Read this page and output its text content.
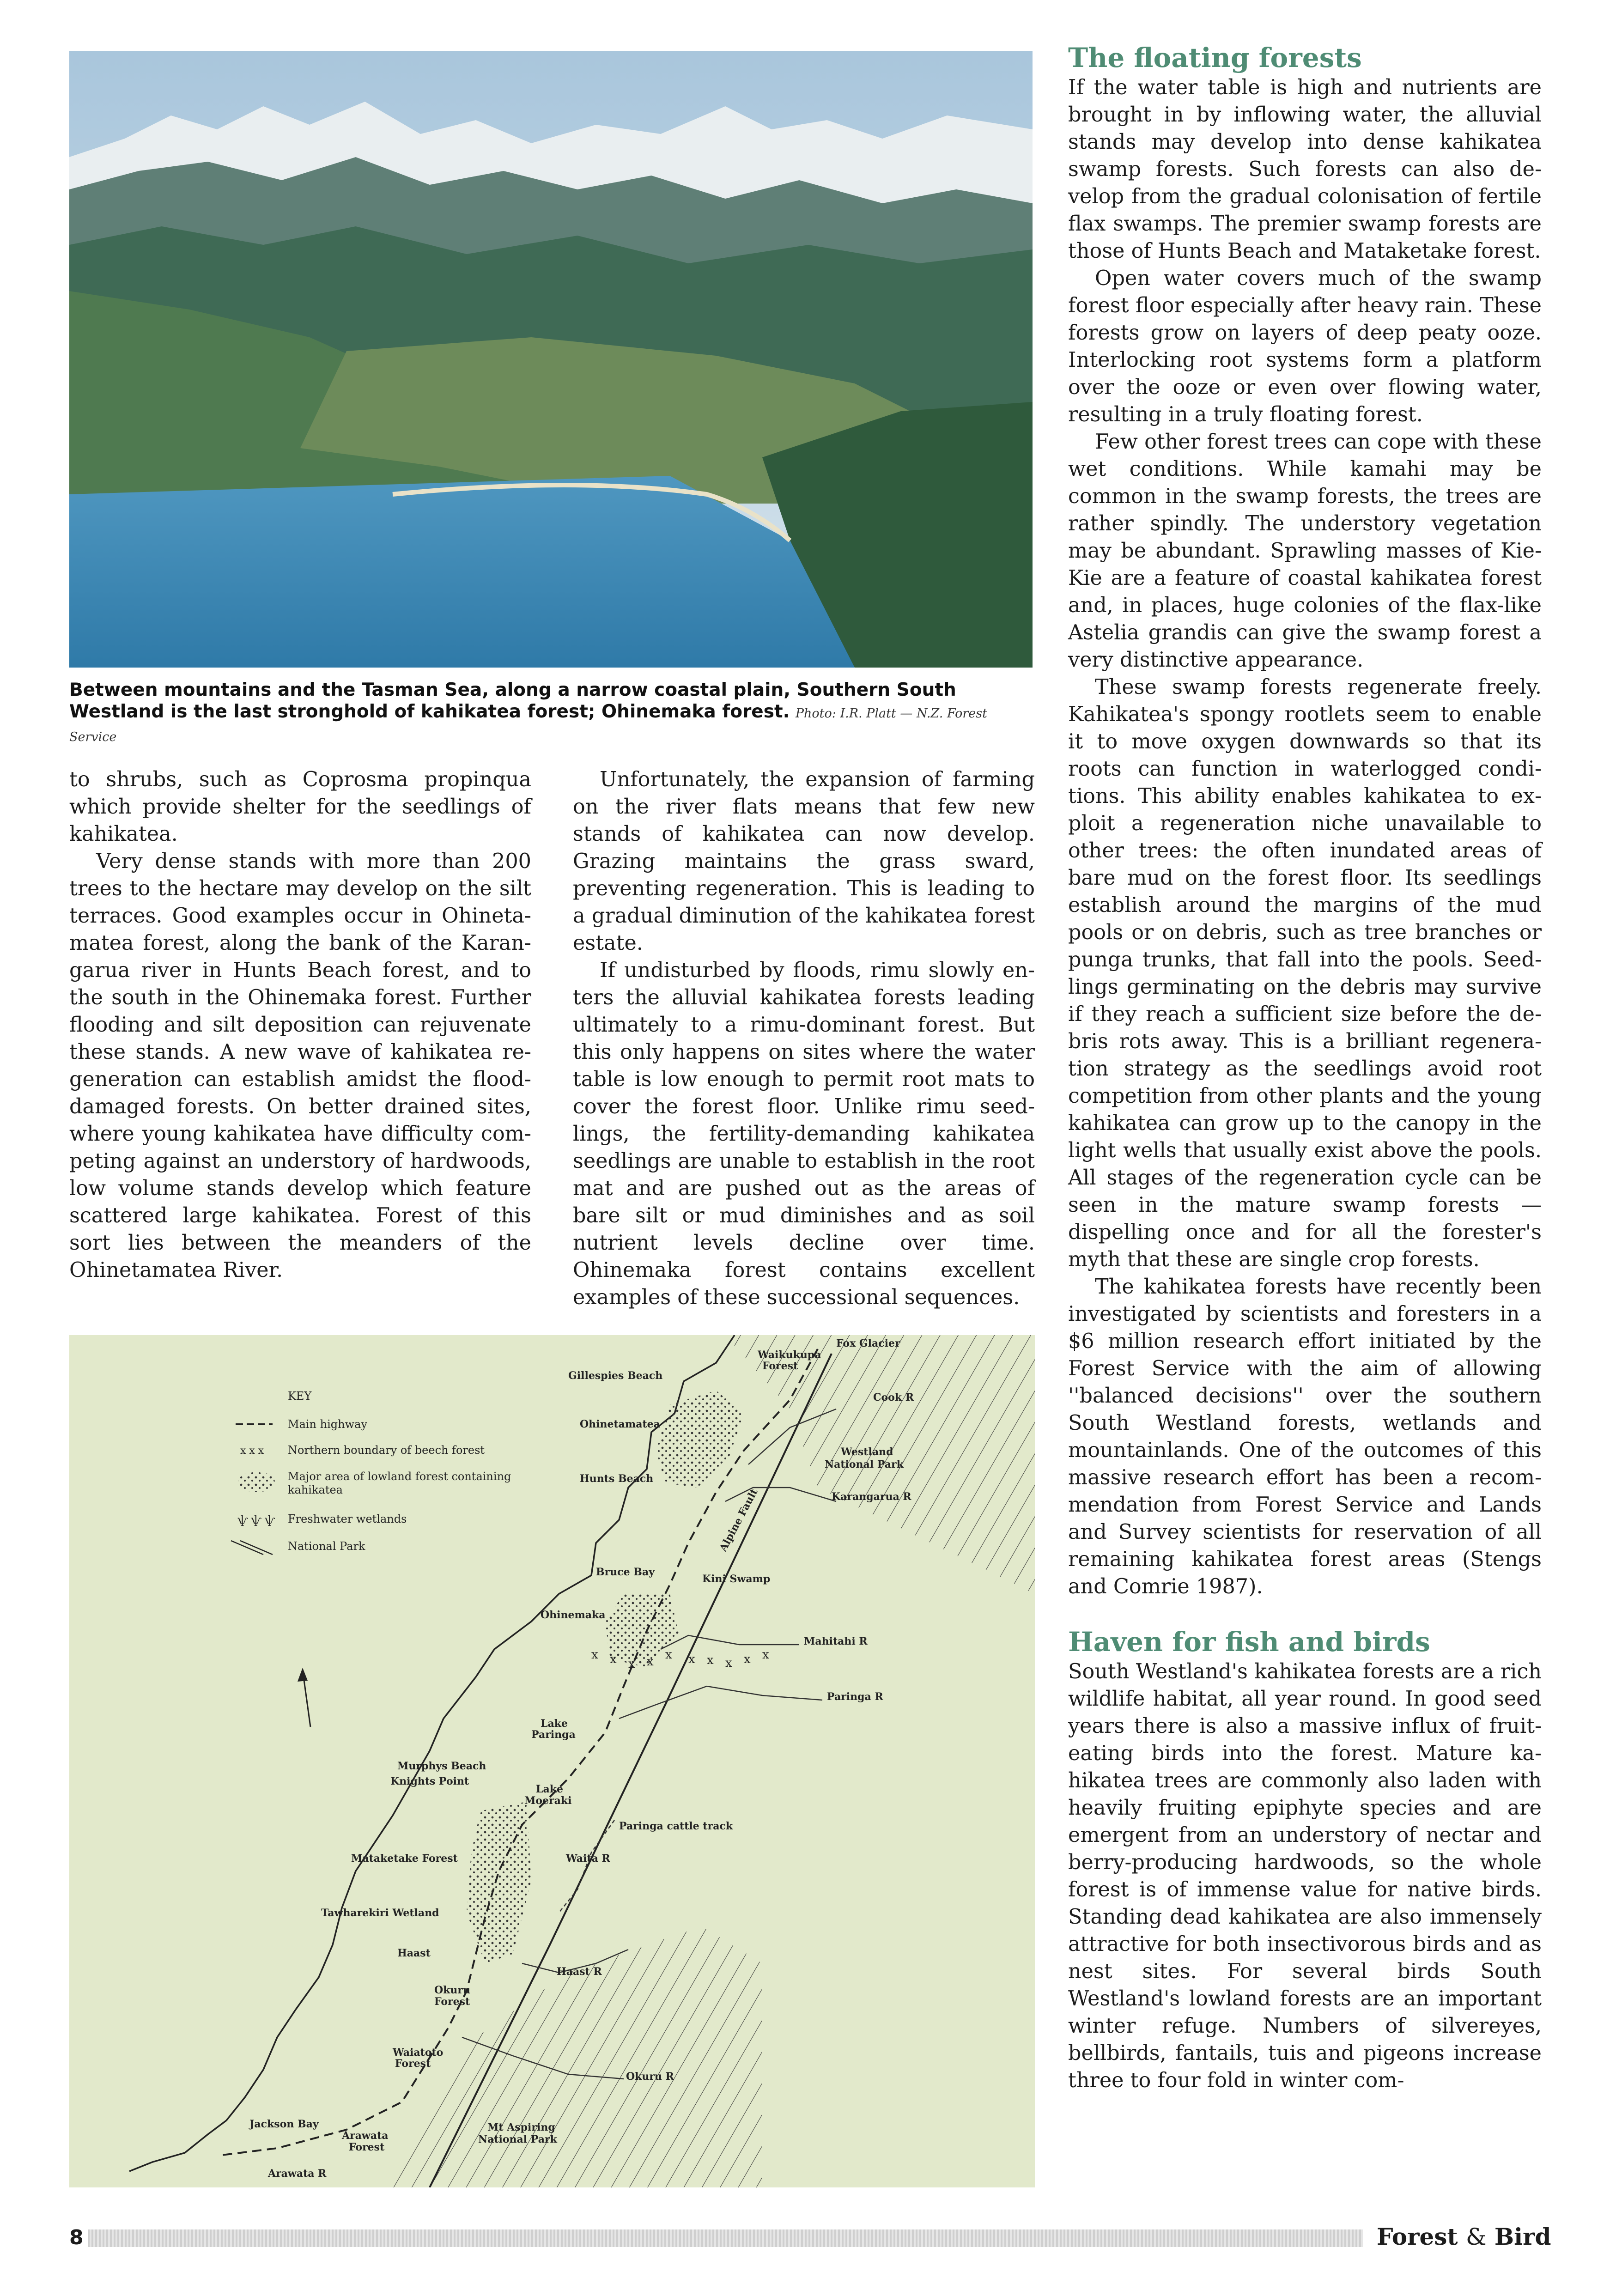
Between mountains and the Tasman Sea, along a narrow coastal plain, Southern South Westland is the last stronghold of kahikatea forest; Ohinemaka forest. Photo: I.R. Platt — N.Z. Forest Service

to shrubs, such as Coprosma propinqua which provide shelter for the seedlings of kahikatea.

Very dense stands with more than 200 trees to the hectare may develop on the silt terraces. Good examples occur in Ohinetamatea forest, along the bank of the Karangarua river in Hunts Beach forest, and to the south in the Ohinemaka forest. Further flooding and silt deposition can rejuvenate these stands. A new wave of kahikatea regeneration can establish amidst the flood-damaged forests. On better drained sites, where young kahikatea have difficulty competing against an understory of hardwoods, low volume stands develop which feature scattered large kahikatea. Forest of this sort lies between the meanders of the Ohinetamatea River.

Unfortunately, the expansion of farming on the river flats means that few new stands of kahikatea can now develop. Grazing maintains the grass sward, preventing regeneration. This is leading to a gradual diminution of the kahikatea forest estate.

If undisturbed by floods, rimu slowly enters the alluvial kahikatea forests leading ultimately to a rimu-dominant forest. But this only happens on sites where the water table is low enough to permit root mats to cover the forest floor. Unlike rimu seedlings, the fertility-demanding kahikatea seedlings are unable to establish in the root mat and are pushed out as the areas of bare silt or mud diminishes and as soil nutrient levels decline over time. Ohinemaka forest contains excellent examples of these successional sequences.

The floating forests

If the water table is high and nutrients are brought in by inflowing water, the alluvial stands may develop into dense kahikatea swamp forests. Such forests can also develop from the gradual colonisation of fertile flax swamps. The premier swamp forests are those of Hunts Beach and Mataketake forest.

Open water covers much of the swamp forest floor especially after heavy rain. These forests grow on layers of deep peaty ooze. Interlocking root systems form a platform over the ooze or even over flowing water, resulting in a truly floating forest.

Few other forest trees can cope with these wet conditions. While kamahi may be common in the swamp forests, the trees are rather spindly. The understory vegetation may be abundant. Sprawling masses of Kie-Kie are a feature of coastal kahikatea forest and, in places, huge colonies of the flax-like Astelia grandis can give the swamp forest a very distinctive appearance.

These swamp forests regenerate freely. Kahikatea's spongy rootlets seem to enable it to move oxygen downwards so that its roots can function in waterlogged conditions. This ability enables kahikatea to exploit a regeneration niche unavailable to other trees: the often inundated areas of bare mud on the forest floor. Its seedlings establish around the margins of the mud pools or on debris, such as tree branches or punga trunks, that fall into the pools. Seedlings germinating on the debris may survive if they reach a sufficient size before the debris rots away. This is a brilliant regeneration strategy as the seedlings avoid root competition from other plants and the young kahikatea can grow up to the canopy in the light wells that usually exist above the pools. All stages of the regeneration cycle can be seen in the mature swamp forests — dispelling once and for all the forester's myth that these are single crop forests.

The kahikatea forests have recently been investigated by scientists and foresters in a $6 million research effort initiated by the Forest Service with the aim of allowing ''balanced decisions'' over the southern South Westland forests, wetlands and mountainlands. One of the outcomes of this massive research effort has been a recommendation from Forest Service and Lands and Survey scientists for reservation of all remaining kahikatea forest areas (Stengs and Comrie 1987).

Haven for fish and birds

South Westland's kahikatea forests are a rich wildlife habitat, all year round. In good seed years there is also a massive influx of fruit-eating birds into the forest. Mature kahikatea trees are commonly also laden with heavily fruiting epiphyte species and are emergent from an understory of nectar and berry-producing hardwoods, so the whole forest is of immense value for native birds. Standing dead kahikatea are also immensely attractive for both insectivorous birds and as nest sites. For several birds South Westland's lowland forests are an important winter refuge. Numbers of silvereyes, bellbirds, fantails, tuis and pigeons increase three to four fold in winter com-

x x x x x x x x x x
KEY
Main highway
x x x Northern boundary of beech forest
Major area of lowland forest containing
kahikatea
ѱ ѱ ѱ Freshwater wetlands
National Park
Fox Glacier
Waikukupa
Forest
Gillespies Beach
Cook R
Ohinetamatea
Westland
National Park
Hunts Beach
Karangarua R
Alpine Fault
Bruce Bay
Kini Swamp
Ohinemaka
Mahitahi R
Paringa R
Lake
Paringa
Murphys Beach
Knights Point
Lake
Moeraki
Paringa cattle track
Mataketake Forest	Waita R
Tawharekiri Wetland
Haast
Haast R
Okuru
Forest
Waiatoto
Forest
Okuru R
Jackson Bay
Arawata
Forest
Mt Aspiring
National Park
Arawata R
8	Forest & Bird
